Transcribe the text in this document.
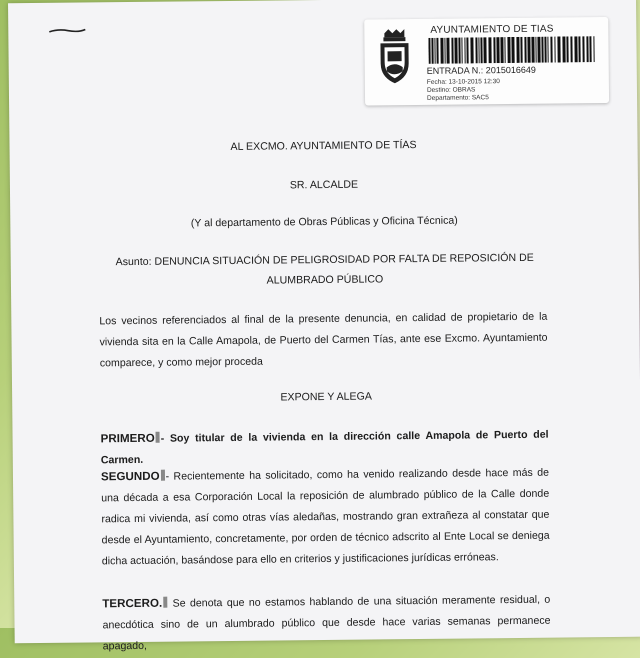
AYUNTAMIENTO DE TIAS
ENTRADA N.: 2015016649
Fecha: 13-10-2015 12:30
Destino: OBRAS
Departamento: SAC5
AL EXCMO. AYUNTAMIENTO DE TÍAS
SR. ALCALDE
(Y al departamento de Obras Públicas y Oficina Técnica)
Asunto: DENUNCIA SITUACIÓN DE PELIGROSIDAD POR FALTA DE REPOSICIÓN DE
ALUMBRADO PÚBLICO
Los vecinos referenciados al final de la presente denuncia, en calidad de propietario de la vivienda sita en la Calle Amapola, de Puerto del Carmen Tías, ante ese Excmo. Ayuntamiento comparece, y como mejor proceda
EXPONE Y ALEGA
PRIMERO - Soy titular de la vivienda en la dirección calle Amapola de Puerto del Carmen.
SEGUNDO - Recientemente ha solicitado, como ha venido realizando desde hace más de una década a esa Corporación Local la reposición de alumbrado público de la Calle donde radica mi vivienda, así como otras vías aledañas, mostrando gran extrañeza al constatar que desde el Ayuntamiento, concretamente, por orden de técnico adscrito al Ente Local se deniega dicha actuación, basándose para ello en criterios y justificaciones jurídicas erróneas.
TERCERO. Se denota que no estamos hablando de una situación meramente residual, o anecdótica sino de un alumbrado público que desde hace varias semanas permanece apagado,
